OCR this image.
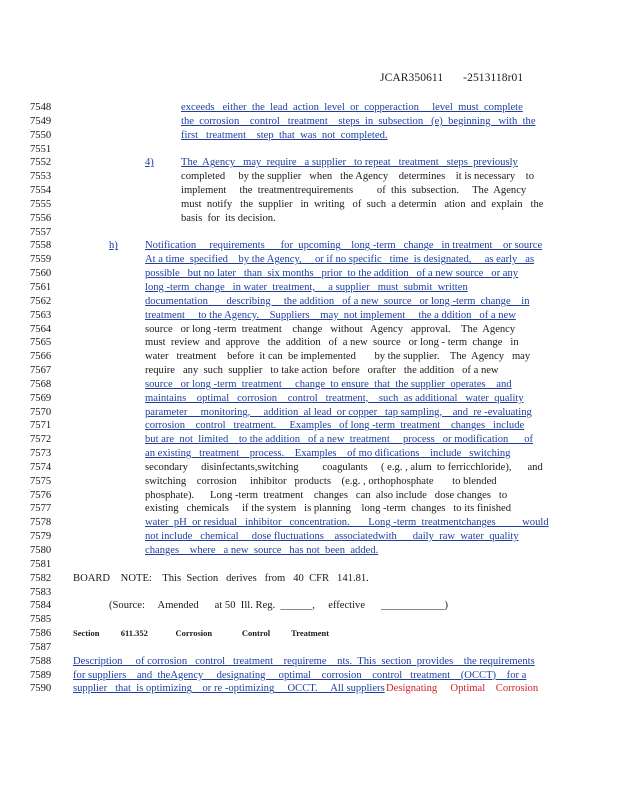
JCAR350611 -2513118r01
7548	exceeds   either  the  lead  action  level  or  copperaction     level  must  complete
7549	the  corrosion    control   treatment    steps  in  subsection   (e)  beginning   with  the
7550	first   treatment    step  that  was  not  completed.
7551
7552	4)	The  Agency   may  require   a supplier   to repeat   treatment   steps  previously
7553	completed     by the supplier   when   the Agency    determines    it is necessary    to
7554	implement     the  treatmentrequirements         of  this  subsection.     The  Agency
7555	must  notify   the  supplier   in  writing   of  such  a determin   ation  and  explain   the
7556	basis  for  its decision.
7557
7558	h)	Notification     requirements      for  upcoming    long -term   change   in treatment    or source
7559	At a time  specified    by the Agency,     or if no specific   time  is designated,     as early   as
7560	possible   but no later   than  six months   prior  to the addition   of a new source   or any
7561	long -term  change   in water  treatment,     a supplier   must  submit  written
7562	documentation       describing     the addition   of a new  source   or long -term  change    in
7563	treatment     to the Agency.    Suppliers    may  not implement     the a ddition   of a new
7564	source   or long -term  treatment    change   without   Agency   approval.    The  Agency
7565	must  review  and  approve   the  addition   of  a new  source   or long - term  change   in
7566	water   treatment    before  it can  be implemented       by the supplier.    The  Agency   may
7567	require   any  such  supplier   to take action  before   orafter   the addition   of a new
7568	source   or long -term  treatment     change  to ensure  that  the supplier  operates    and
7569	maintains    optimal   corrosion    control   treatment,    such  as additional   water  quality
7570	parameter     monitoring,     addition  al lead  or copper   tap sampling,    and  re -evaluating
7571	corrosion    control   treatment.     Examples   of long -term  treatment    changes   include
7572	but are  not  limited    to the addition   of a new  treatment     process   or modification      of
7573	an existing   treatment    process.    Examples    of mo difications    include   switching
7574	secondary     disinfectants,switching         coagulants     ( e.g. , alum  to ferricchloride),      and
7575	switching    corrosion     inhibitor   products    (e.g. , orthophosphate       to blended
7576	phosphate).      Long -term  treatment    changes   can  also include   dose changes   to
7577	existing   chemicals     if the system   is planning    long -term  changes   to its finished
7578	water  pH  or residual   inhibitor   concentration.       Long -term  treatmentchanges          would
7579	not include   chemical     dose fluctuations    associatedwith      daily  raw  water  quality
7580	changes    where   a new  source   has not  been  added.
7581
7582	BOARD    NOTE:    This  Section   derives   from   40  CFR   141.81.
7583
7584	(Source:     Amended      at 50  Ill. Reg.  ______,     effective      ____________)
7585
7586	Section          611.352             Corrosion              Control          Treatment
7587
7588	Description     of corrosion   control   treatment    requireme    nts.  This  section  provides    the requirements
7589	for suppliers    and  theAgency     designating     optimal    corrosion    control   treatment    (OCCT)    for a
7590	supplier   that  is optimizing    or re -optimizing     OCCT.     All suppliers Designating     Optimal    Corrosion
